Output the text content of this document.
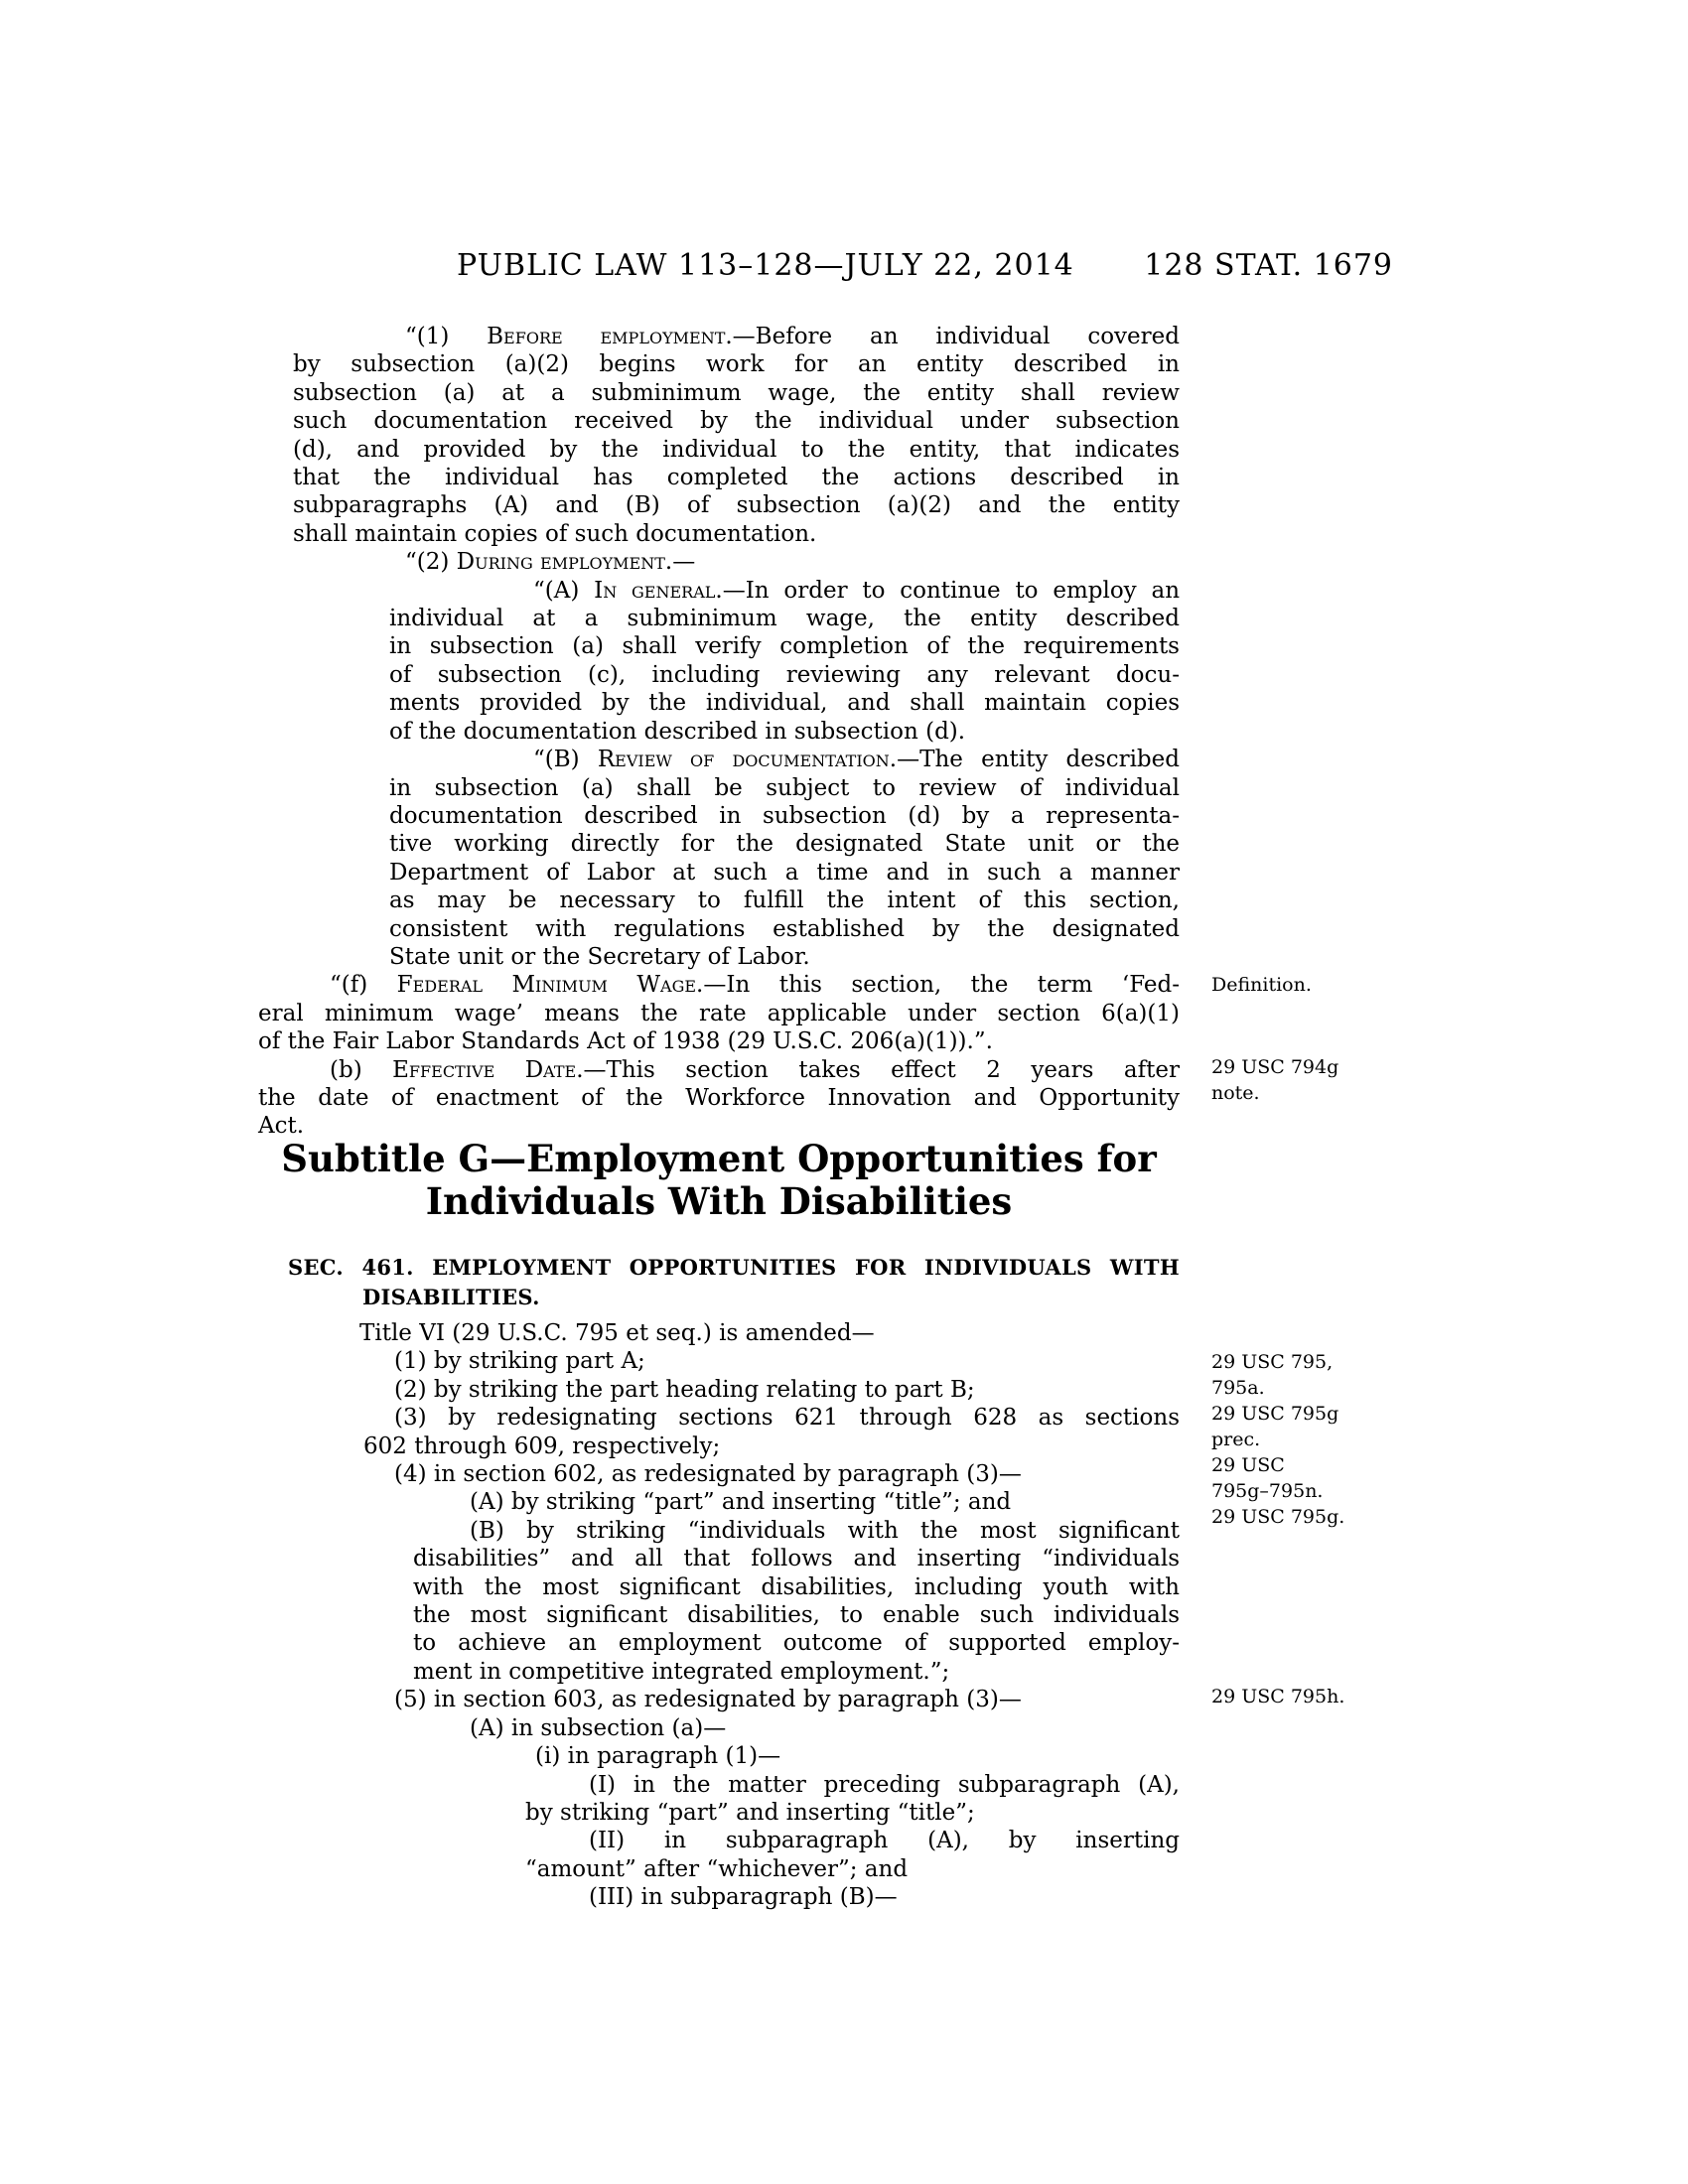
PUBLIC LAW 113–128—JULY 22, 2014 128 STAT. 1679
“(1) Before employment.—Before an individual covered
by subsection (a)(2) begins work for an entity described in
subsection (a) at a subminimum wage, the entity shall review
such documentation received by the individual under subsection
(d), and provided by the individual to the entity, that indicates
that the individual has completed the actions described in
subparagraphs (A) and (B) of subsection (a)(2) and the entity
shall maintain copies of such documentation.
“(2) During employment.—
“(A) In general.—In order to continue to employ an
individual at a subminimum wage, the entity described
in subsection (a) shall verify completion of the requirements
of subsection (c), including reviewing any relevant docu-
ments provided by the individual, and shall maintain copies
of the documentation described in subsection (d).
“(B) Review of documentation.—The entity described
in subsection (a) shall be subject to review of individual
documentation described in subsection (d) by a representa-
tive working directly for the designated State unit or the
Department of Labor at such a time and in such a manner
as may be necessary to fulfill the intent of this section,
consistent with regulations established by the designated
State unit or the Secretary of Labor.
“(f) Federal Minimum Wage.—In this section, the term ‘Fed-
eral minimum wage’ means the rate applicable under section 6(a)(1)
of the Fair Labor Standards Act of 1938 (29 U.S.C. 206(a)(1)).”.
(b) Effective Date.—This section takes effect 2 years after
the date of enactment of the Workforce Innovation and Opportunity
Act.
Subtitle G—Employment Opportunities for
Individuals With Disabilities
SEC. 461. EMPLOYMENT OPPORTUNITIES FOR INDIVIDUALS WITH
DISABILITIES.
Title VI (29 U.S.C. 795 et seq.) is amended—
(1) by striking part A;
(2) by striking the part heading relating to part B;
(3) by redesignating sections 621 through 628 as sections
602 through 609, respectively;
(4) in section 602, as redesignated by paragraph (3)—
(A) by striking “part” and inserting “title”; and
(B) by striking “individuals with the most significant
disabilities” and all that follows and inserting “individuals
with the most significant disabilities, including youth with
the most significant disabilities, to enable such individuals
to achieve an employment outcome of supported employ-
ment in competitive integrated employment.”;
(5) in section 603, as redesignated by paragraph (3)—
(A) in subsection (a)—
(i) in paragraph (1)—
(I) in the matter preceding subparagraph (A),
by striking “part” and inserting “title”;
(II) in subparagraph (A), by inserting
“amount” after “whichever”; and
(III) in subparagraph (B)—
Definition.
29 USC 794g
note.
29 USC 795,
795a.
29 USC 795g
prec.
29 USC
795g–795n.
29 USC 795g.
29 USC 795h.
